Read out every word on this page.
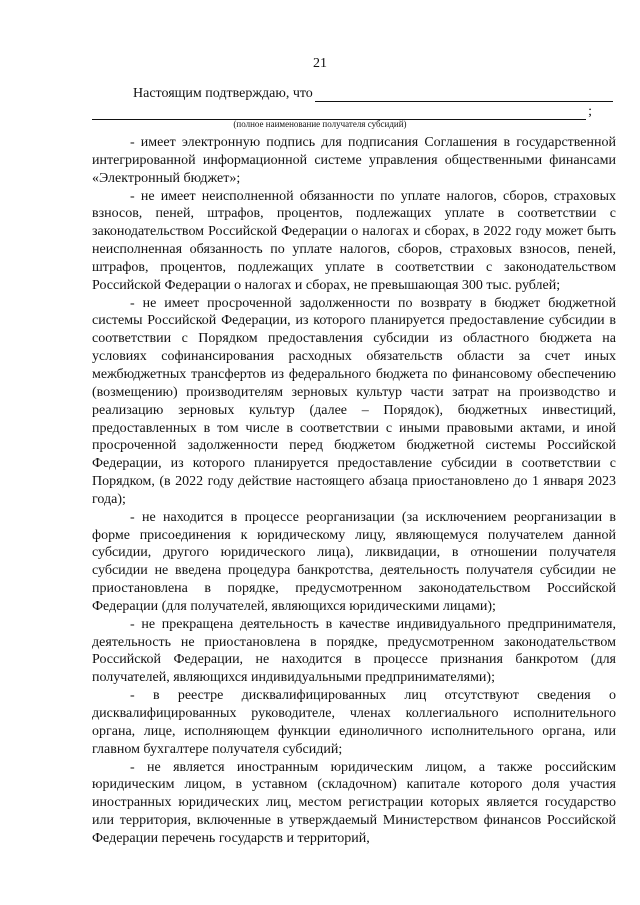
21
Настоящим подтверждаю, что
;
(полное наименование получателя субсидий)

- имеет электронную подпись для подписания Соглашения в государственной интегрированной информационной системе управления общественными финансами «Электронный бюджет»;

- не имеет неисполненной обязанности по уплате налогов, сборов, страховых взносов, пеней, штрафов, процентов, подлежащих уплате в соответствии с законодательством Российской Федерации о налогах и сборах, в 2022 году может быть неисполненная обязанность по уплате налогов, сборов, страховых взносов, пеней, штрафов, процентов, подлежащих уплате в соответствии с законодательством Российской Федерации о налогах и сборах, не превышающая 300 тыс. рублей;

- не имеет просроченной задолженности по возврату в бюджет бюджетной системы Российской Федерации, из которого планируется предоставление субсидии в соответствии с Порядком предоставления субсидии из областного бюджета на условиях софинансирования расходных обязательств области за счет иных межбюджетных трансфертов из федерального бюджета по финансовому обеспечению (возмещению) производителям зерновых культур части затрат на производство и реализацию зерновых культур (далее – Порядок), бюджетных инвестиций, предоставленных в том числе в соответствии с иными правовыми актами, и иной просроченной задолженности перед бюджетом бюджетной системы Российской Федерации, из которого планируется предоставление субсидии в соответствии с Порядком, (в 2022 году действие настоящего абзаца приостановлено до 1 января 2023 года);

- не находится в процессе реорганизации (за исключением реорганизации в форме присоединения к юридическому лицу, являющемуся получателем данной субсидии, другого юридического лица), ликвидации, в отношении получателя субсидии не введена процедура банкротства, деятельность получателя субсидии не приостановлена в порядке, предусмотренном законодательством Российской Федерации (для получателей, являющихся юридическими лицами);

- не прекращена деятельность в качестве индивидуального предпринимателя, деятельность не приостановлена в порядке, предусмотренном законодательством Российской Федерации, не находится в процессе признания банкротом (для получателей, являющихся индивидуальными предпринимателями);

- в реестре дисквалифицированных лиц отсутствуют сведения о дисквалифицированных руководителе, членах коллегиального исполнительного органа, лице, исполняющем функции единоличного исполнительного органа, или главном бухгалтере получателя субсидий;

- не является иностранным юридическим лицом, а также российским юридическим лицом, в уставном (складочном) капитале которого доля участия иностранных юридических лиц, местом регистрации которых является государство или территория, включенные в утверждаемый Министерством финансов Российской Федерации перечень государств и территорий,
